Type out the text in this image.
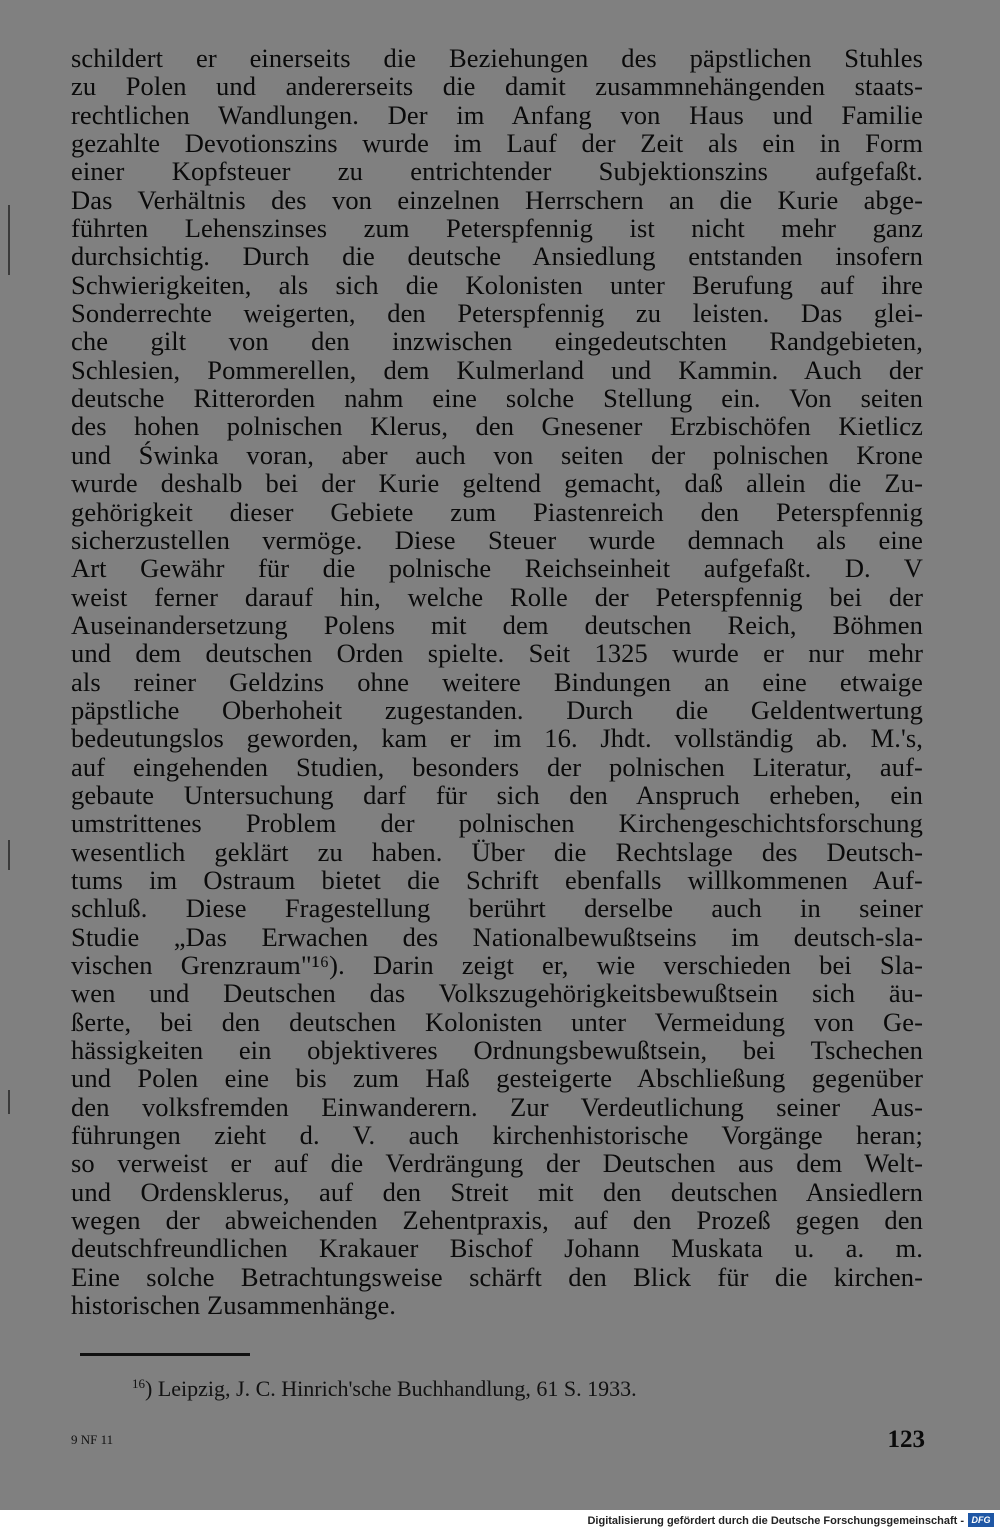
schildert er einerseits die Beziehungen des päpstlichen Stuhles
zu Polen und andererseits die damit zusammnehängenden staats-
rechtlichen Wandlungen. Der im Anfang von Haus und Familie
gezahlte Devotionszins wurde im Lauf der Zeit als ein in Form
einer Kopfsteuer zu entrichtender Subjektionszins aufgefaßt.
Das Verhältnis des von einzelnen Herrschern an die Kurie abge-
führten Lehenszinses zum Peterspfennig ist nicht mehr ganz
durchsichtig. Durch die deutsche Ansiedlung entstanden insofern
Schwierigkeiten, als sich die Kolonisten unter Berufung auf ihre
Sonderrechte weigerten, den Peterspfennig zu leisten. Das glei-
che gilt von den inzwischen eingedeutschten Randgebieten,
Schlesien, Pommerellen, dem Kulmerland und Kammin. Auch der
deutsche Ritterorden nahm eine solche Stellung ein. Von seiten
des hohen polnischen Klerus, den Gnesener Erzbischöfen Kietlicz
und Świnka voran, aber auch von seiten der polnischen Krone
wurde deshalb bei der Kurie geltend gemacht, daß allein die Zu-
gehörigkeit dieser Gebiete zum Piastenreich den Peterspfennig
sicherzustellen vermöge. Diese Steuer wurde demnach als eine
Art Gewähr für die polnische Reichseinheit aufgefaßt. D. V
weist ferner darauf hin, welche Rolle der Peterspfennig bei der
Auseinandersetzung Polens mit dem deutschen Reich, Böhmen
und dem deutschen Orden spielte. Seit 1325 wurde er nur mehr
als reiner Geldzins ohne weitere Bindungen an eine etwaige
päpstliche Oberhoheit zugestanden. Durch die Geldentwertung
bedeutungslos geworden, kam er im 16. Jhdt. vollständig ab. M.'s,
auf eingehenden Studien, besonders der polnischen Literatur, auf-
gebaute Untersuchung darf für sich den Anspruch erheben, ein
umstrittenes Problem der polnischen Kirchengeschichtsforschung
wesentlich geklärt zu haben. Über die Rechtslage des Deutsch-
tums im Ostraum bietet die Schrift ebenfalls willkommenen Auf-
schluß. Diese Fragestellung berührt derselbe auch in seiner
Studie „Das Erwachen des Nationalbewußtseins im deutsch-sla-
vischen Grenzraum"¹⁶). Darin zeigt er, wie verschieden bei Sla-
wen und Deutschen das Volkszugehörigkeitsbewußtsein sich äu-
ßerte, bei den deutschen Kolonisten unter Vermeidung von Ge-
hässigkeiten ein objektiveres Ordnungsbewußtsein, bei Tschechen
und Polen eine bis zum Haß gesteigerte Abschließung gegenüber
den volksfremden Einwanderern. Zur Verdeutlichung seiner Aus-
führungen zieht d. V. auch kirchenhistorische Vorgänge heran;
so verweist er auf die Verdrängung der Deutschen aus dem Welt-
und Ordensklerus, auf den Streit mit den deutschen Ansiedlern
wegen der abweichenden Zehentpraxis, auf den Prozeß gegen den
deutschfreundlichen Krakauer Bischof Johann Muskata u. a. m.
Eine solche Betrachtungsweise schärft den Blick für die kirchen-
historischen Zusammenhänge.
$^{16}$) Leipzig, J. C. Hinrich'sche Buchhandlung, 61 S. 1933.
9 NF 11	123
Digitalisierung gefördert durch die Deutsche Forschungsgemeinschaft - DFG
